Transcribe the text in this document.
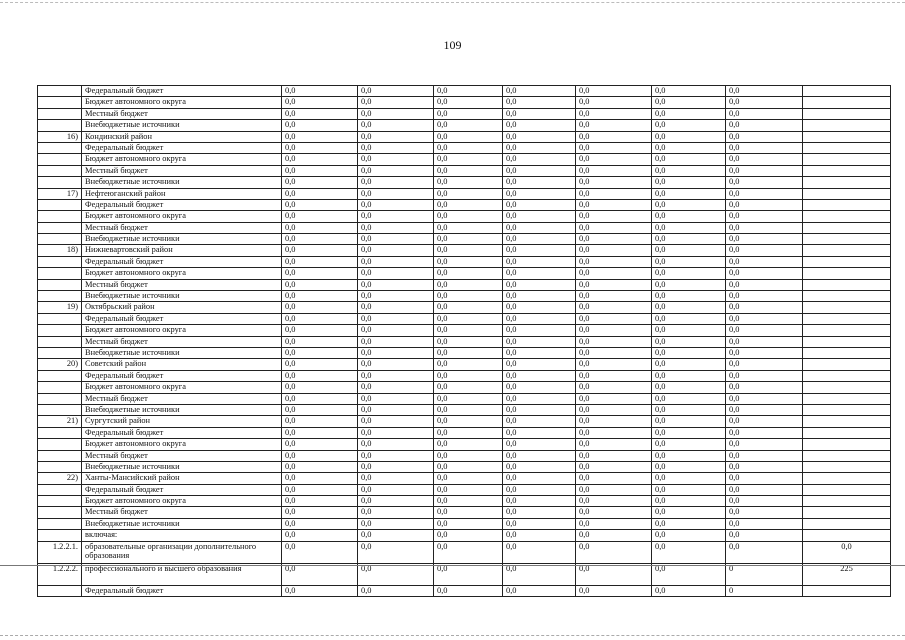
109
	Федеральный бюджет	0,0	0,0	0,0	0,0	0,0	0,0	0,0	
	Бюджет автономного округа	0,0	0,0	0,0	0,0	0,0	0,0	0,0	
	Местный бюджет	0,0	0,0	0,0	0,0	0,0	0,0	0,0	
	Внебюджетные источники	0,0	0,0	0,0	0,0	0,0	0,0	0,0	
16)	Кондинский район	0,0	0,0	0,0	0,0	0,0	0,0	0,0	
	Федеральный бюджет	0,0	0,0	0,0	0,0	0,0	0,0	0,0	
	Бюджет автономного округа	0,0	0,0	0,0	0,0	0,0	0,0	0,0	
	Местный бюджет	0,0	0,0	0,0	0,0	0,0	0,0	0,0	
	Внебюджетные источники	0,0	0,0	0,0	0,0	0,0	0,0	0,0	
17)	Нефтеюганский район	0,0	0,0	0,0	0,0	0,0	0,0	0,0	
	Федеральный бюджет	0,0	0,0	0,0	0,0	0,0	0,0	0,0	
	Бюджет автономного округа	0,0	0,0	0,0	0,0	0,0	0,0	0,0	
	Местный бюджет	0,0	0,0	0,0	0,0	0,0	0,0	0,0	
	Внебюджетные источники	0,0	0,0	0,0	0,0	0,0	0,0	0,0	
18)	Нижневартовский район	0,0	0,0	0,0	0,0	0,0	0,0	0,0	
	Федеральный бюджет	0,0	0,0	0,0	0,0	0,0	0,0	0,0	
	Бюджет автономного округа	0,0	0,0	0,0	0,0	0,0	0,0	0,0	
	Местный бюджет	0,0	0,0	0,0	0,0	0,0	0,0	0,0	
	Внебюджетные источники	0,0	0,0	0,0	0,0	0,0	0,0	0,0	
19)	Октябрьский район	0,0	0,0	0,0	0,0	0,0	0,0	0,0	
	Федеральный бюджет	0,0	0,0	0,0	0,0	0,0	0,0	0,0	
	Бюджет автономного округа	0,0	0,0	0,0	0,0	0,0	0,0	0,0	
	Местный бюджет	0,0	0,0	0,0	0,0	0,0	0,0	0,0	
	Внебюджетные источники	0,0	0,0	0,0	0,0	0,0	0,0	0,0	
20)	Советский район	0,0	0,0	0,0	0,0	0,0	0,0	0,0	
	Федеральный бюджет	0,0	0,0	0,0	0,0	0,0	0,0	0,0	
	Бюджет автономного округа	0,0	0,0	0,0	0,0	0,0	0,0	0,0	
	Местный бюджет	0,0	0,0	0,0	0,0	0,0	0,0	0,0	
	Внебюджетные источники	0,0	0,0	0,0	0,0	0,0	0,0	0,0	
21)	Сургутский район	0,0	0,0	0,0	0,0	0,0	0,0	0,0	
	Федеральный бюджет	0,0	0,0	0,0	0,0	0,0	0,0	0,0	
	Бюджет автономного округа	0,0	0,0	0,0	0,0	0,0	0,0	0,0	
	Местный бюджет	0,0	0,0	0,0	0,0	0,0	0,0	0,0	
	Внебюджетные источники	0,0	0,0	0,0	0,0	0,0	0,0	0,0	
22)	Ханты-Мансийский район	0,0	0,0	0,0	0,0	0,0	0,0	0,0	
	Федеральный бюджет	0,0	0,0	0,0	0,0	0,0	0,0	0,0	
	Бюджет автономного округа	0,0	0,0	0,0	0,0	0,0	0,0	0,0	
	Местный бюджет	0,0	0,0	0,0	0,0	0,0	0,0	0,0	
	Внебюджетные источники	0,0	0,0	0,0	0,0	0,0	0,0	0,0	
	включая:	0,0	0,0	0,0	0,0	0,0	0,0	0,0	
1.2.2.1.	образовательные организации дополнительного образования	0,0	0,0	0,0	0,0	0,0	0,0	0,0	0,0
1.2.2.2.	профессионального и высшего образования	0,0	0,0	0,0	0,0	0,0	0,0	0	225
	Федеральный бюджет	0,0	0,0	0,0	0,0	0,0	0,0	0	
